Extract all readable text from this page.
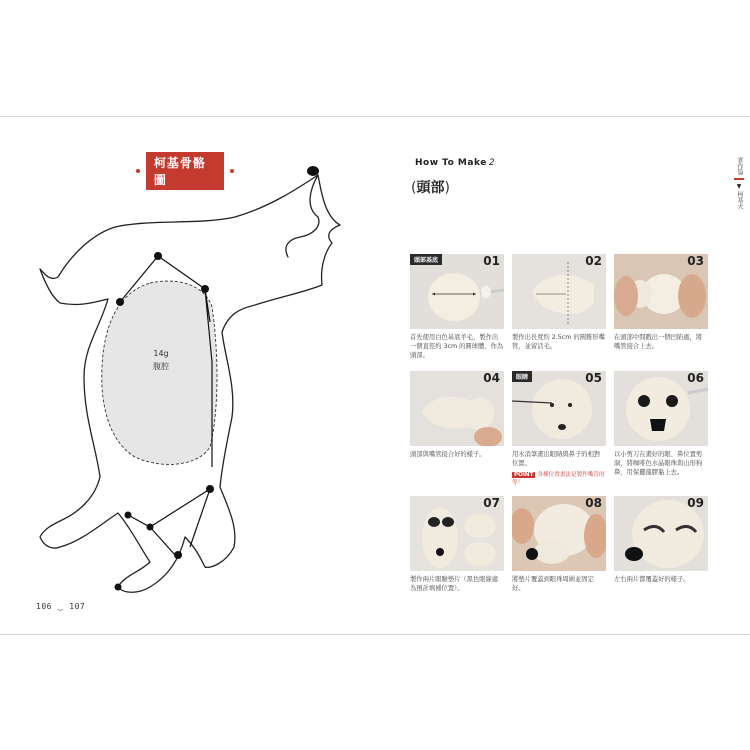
柯基骨骼圖
14g
腹腔
106 ‿ 107
How To Make 2
(頭部)
實作篇
▼
柯基犬
頭部基底	01
首先使用白色基底羊毛，製作出一個直徑約 3cm 的圓球體，作為頭部。
02
製作出長度約 2.5cm 的圓錐形嘴管，並留活毛。
03
在頭部中間戳出一個凹陷處，將嘴管接合上去。
04
頭部與嘴管接合好的樣子。
眼睛	05
用水消筆畫出眼睛與鼻子的相對位置。
POINT 各種位置畫法是製作嘴管的等！
06
以小剪刀在畫好的眼、鼻位置剪洞，將咖啡色水晶眼珠與山形狗鼻，用保麗龍膠黏上去。
07
製作兩片眼瞼墊片（黑色眼線處為預計填補位置）。
08
將墊片覆蓋到眼珠周圍並固定好。
09
左右兩片都覆蓋好的樣子。
